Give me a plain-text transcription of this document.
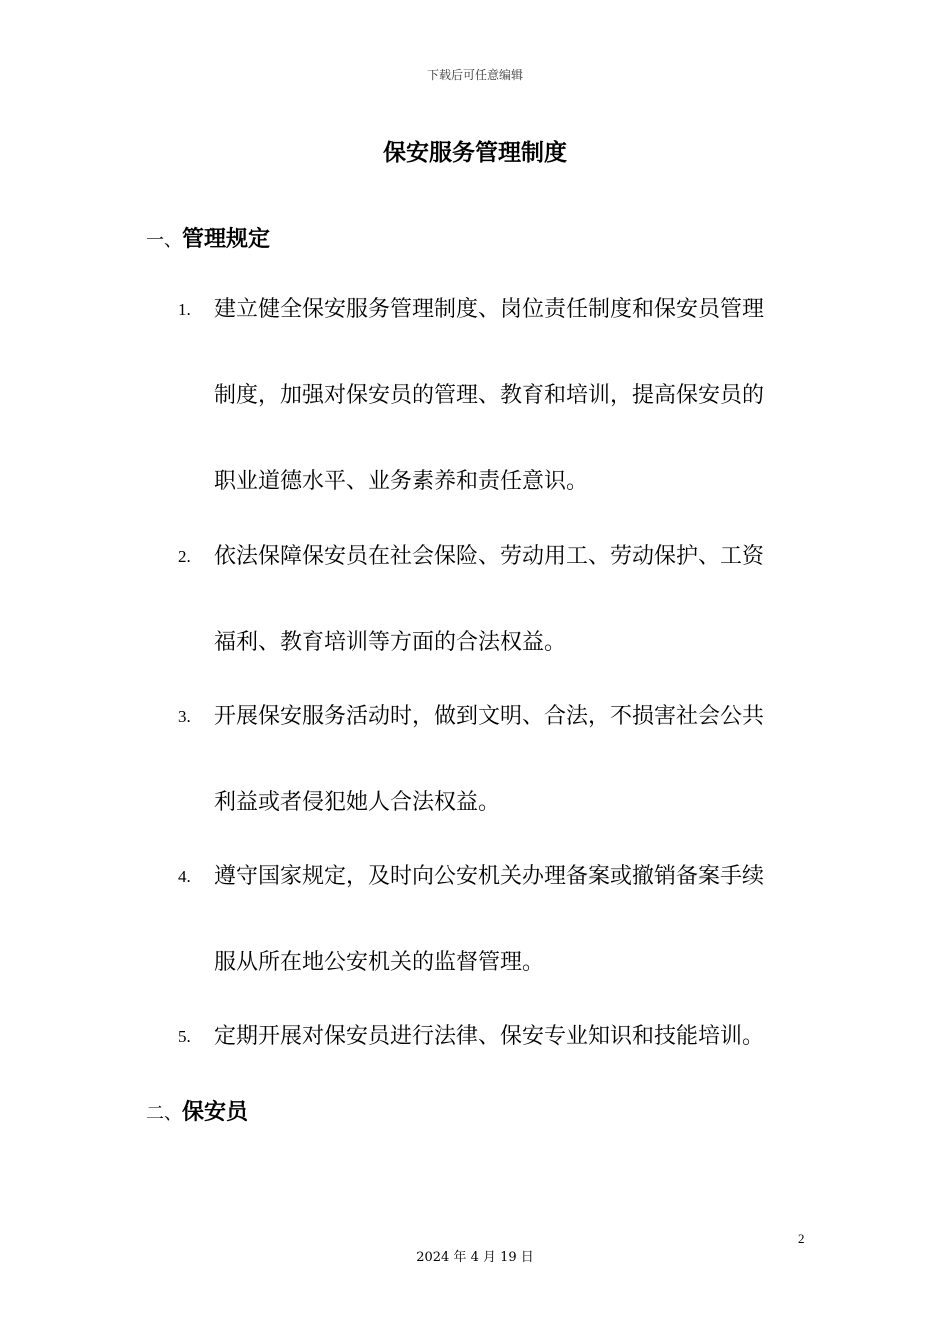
下载后可任意编辑
保安服务管理制度
一、管理规定
1. 建立健全保安服务管理制度、岗位责任制度和保安员管理
制度，加强对保安员的管理、教育和培训，提高保安员的
职业道德水平、业务素养和责任意识。
2. 依法保障保安员在社会保险、劳动用工、劳动保护、工资
福利、教育培训等方面的合法权益。
3. 开展保安服务活动时，做到文明、合法，不损害社会公共
利益或者侵犯她人合法权益。
4. 遵守国家规定，及时向公安机关办理备案或撤销备案手续
服从所在地公安机关的监督管理。
5. 定期开展对保安员进行法律、保安专业知识和技能培训。
二、保安员
2
2024 年 4 月 19 日
